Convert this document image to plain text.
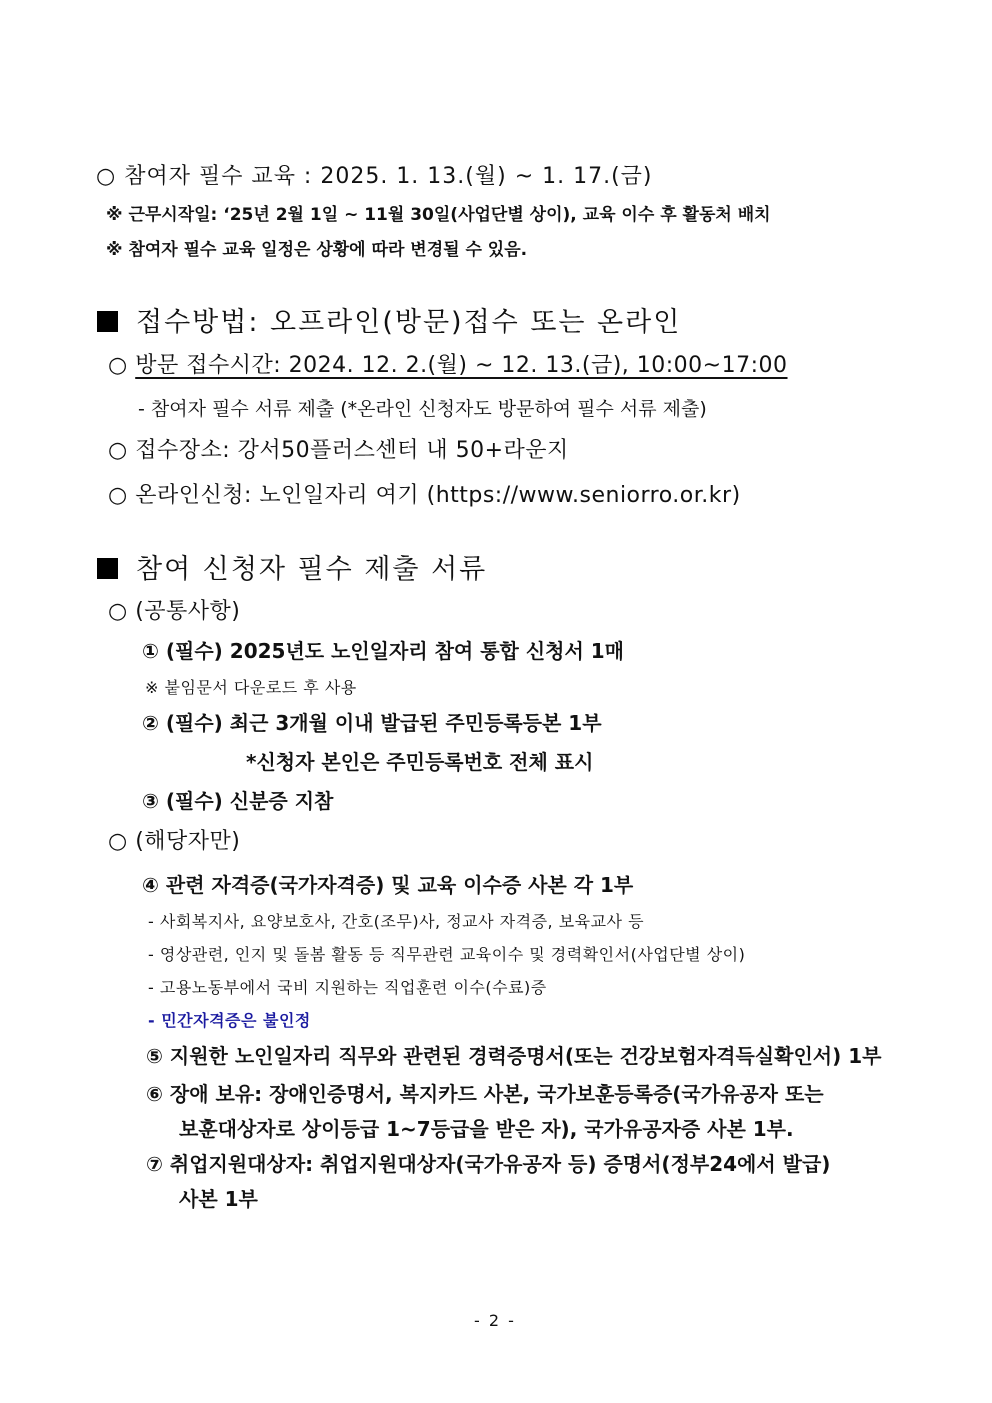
○ 참여자 필수 교육 : 2025. 1. 13.(월) ~ 1. 17.(금)
※ 근무시작일: ‘25년 2월 1일 ~ 11월 30일(사업단별 상이), 교육 이수 후 활동처 배치
※ 참여자 필수 교육 일정은 상황에 따라 변경될 수 있음.
접수방법: 오프라인(방문)접수 또는 온라인
○ 방문 접수시간: 2024. 12. 2.(월) ~ 12. 13.(금), 10:00~17:00
- 참여자 필수 서류 제출 (*온라인 신청자도 방문하여 필수 서류 제출)
○ 접수장소: 강서50플러스센터 내 50+라운지
○ 온라인신청: 노인일자리 여기 (https://www.seniorro.or.kr)
참여 신청자 필수 제출 서류
○ (공통사항)
① (필수) 2025년도 노인일자리 참여 통합 신청서 1매
※ 붙임문서 다운로드 후 사용
② (필수) 최근 3개월 이내 발급된 주민등록등본 1부
*신청자 본인은 주민등록번호 전체 표시
③ (필수) 신분증 지참
○ (해당자만)
④ 관련 자격증(국가자격증) 및 교육 이수증 사본 각 1부
- 사회복지사, 요양보호사, 간호(조무)사, 정교사 자격증, 보육교사 등
- 영상관련, 인지 및 돌봄 활동 등 직무관련 교육이수 및 경력확인서(사업단별 상이)
- 고용노동부에서 국비 지원하는 직업훈련 이수(수료)증
- 민간자격증은 불인정
⑤ 지원한 노인일자리 직무와 관련된 경력증명서(또는 건강보험자격득실확인서) 1부
⑥ 장애 보유: 장애인증명서, 복지카드 사본, 국가보훈등록증(국가유공자 또는
보훈대상자로 상이등급 1~7등급을 받은 자), 국가유공자증 사본 1부.
⑦ 취업지원대상자: 취업지원대상자(국가유공자 등) 증명서(정부24에서 발급)
사본 1부
- 2 -
